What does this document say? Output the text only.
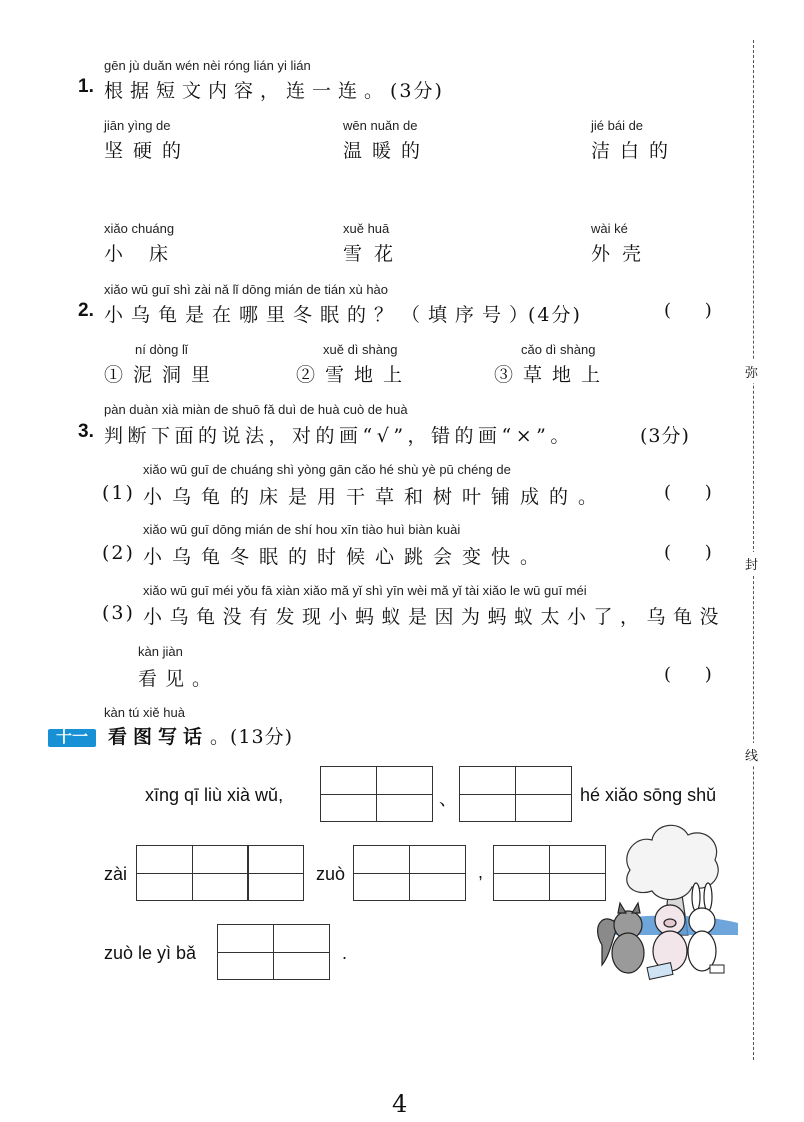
弥
封
线
gēn jù duǎn wén nèi róng lián yi lián
1. 根据短文内容，连一连。 (3分)
jiān yìng de
坚硬的
wēn nuǎn de
温暖的
jié bái de
洁白的
xiǎo chuáng
小床
xuě huā
雪花
wài ké
外壳
xiǎo wū guī shì zài nǎ lǐ dōng mián de tián xù hào
2. 小乌龟是在哪里冬眠的？（填序号）
(4分)	( )
ní dòng lǐ
①泥洞里
xuě dì shàng
②雪地上
cǎo dì shàng
③草地上
pàn duàn xià miàn de shuō fǎ duì de huà cuò de huà
3. 判断下面的说法，对的画“√”，错的画“×”。	(3分)
xiǎo wū guī de chuáng shì yòng gān cǎo hé shù yè pū chéng de
(1) 小乌龟的床是用干草和树叶铺成的。	( )
xiǎo wū guī dōng mián de shí hou xīn tiào huì biàn kuài
(2) 小乌龟冬眠的时候心跳会变快。	( )
xiǎo wū guī méi yǒu fā xiàn xiǎo mǎ yǐ shì yīn wèi mǎ yǐ tài xiǎo le wū guī méi
(3) 小乌龟没有发现小蚂蚁是因为蚂蚁太小了，乌龟没
kàn jiàn
看见。	( )
kàn tú xiě huà
十一	看图写话 。(13分)
xīng qī liù xià wǔ,	、	hé xiǎo sōng shǔ
zài	zuò	,
zuò le yì bǎ	.
4
